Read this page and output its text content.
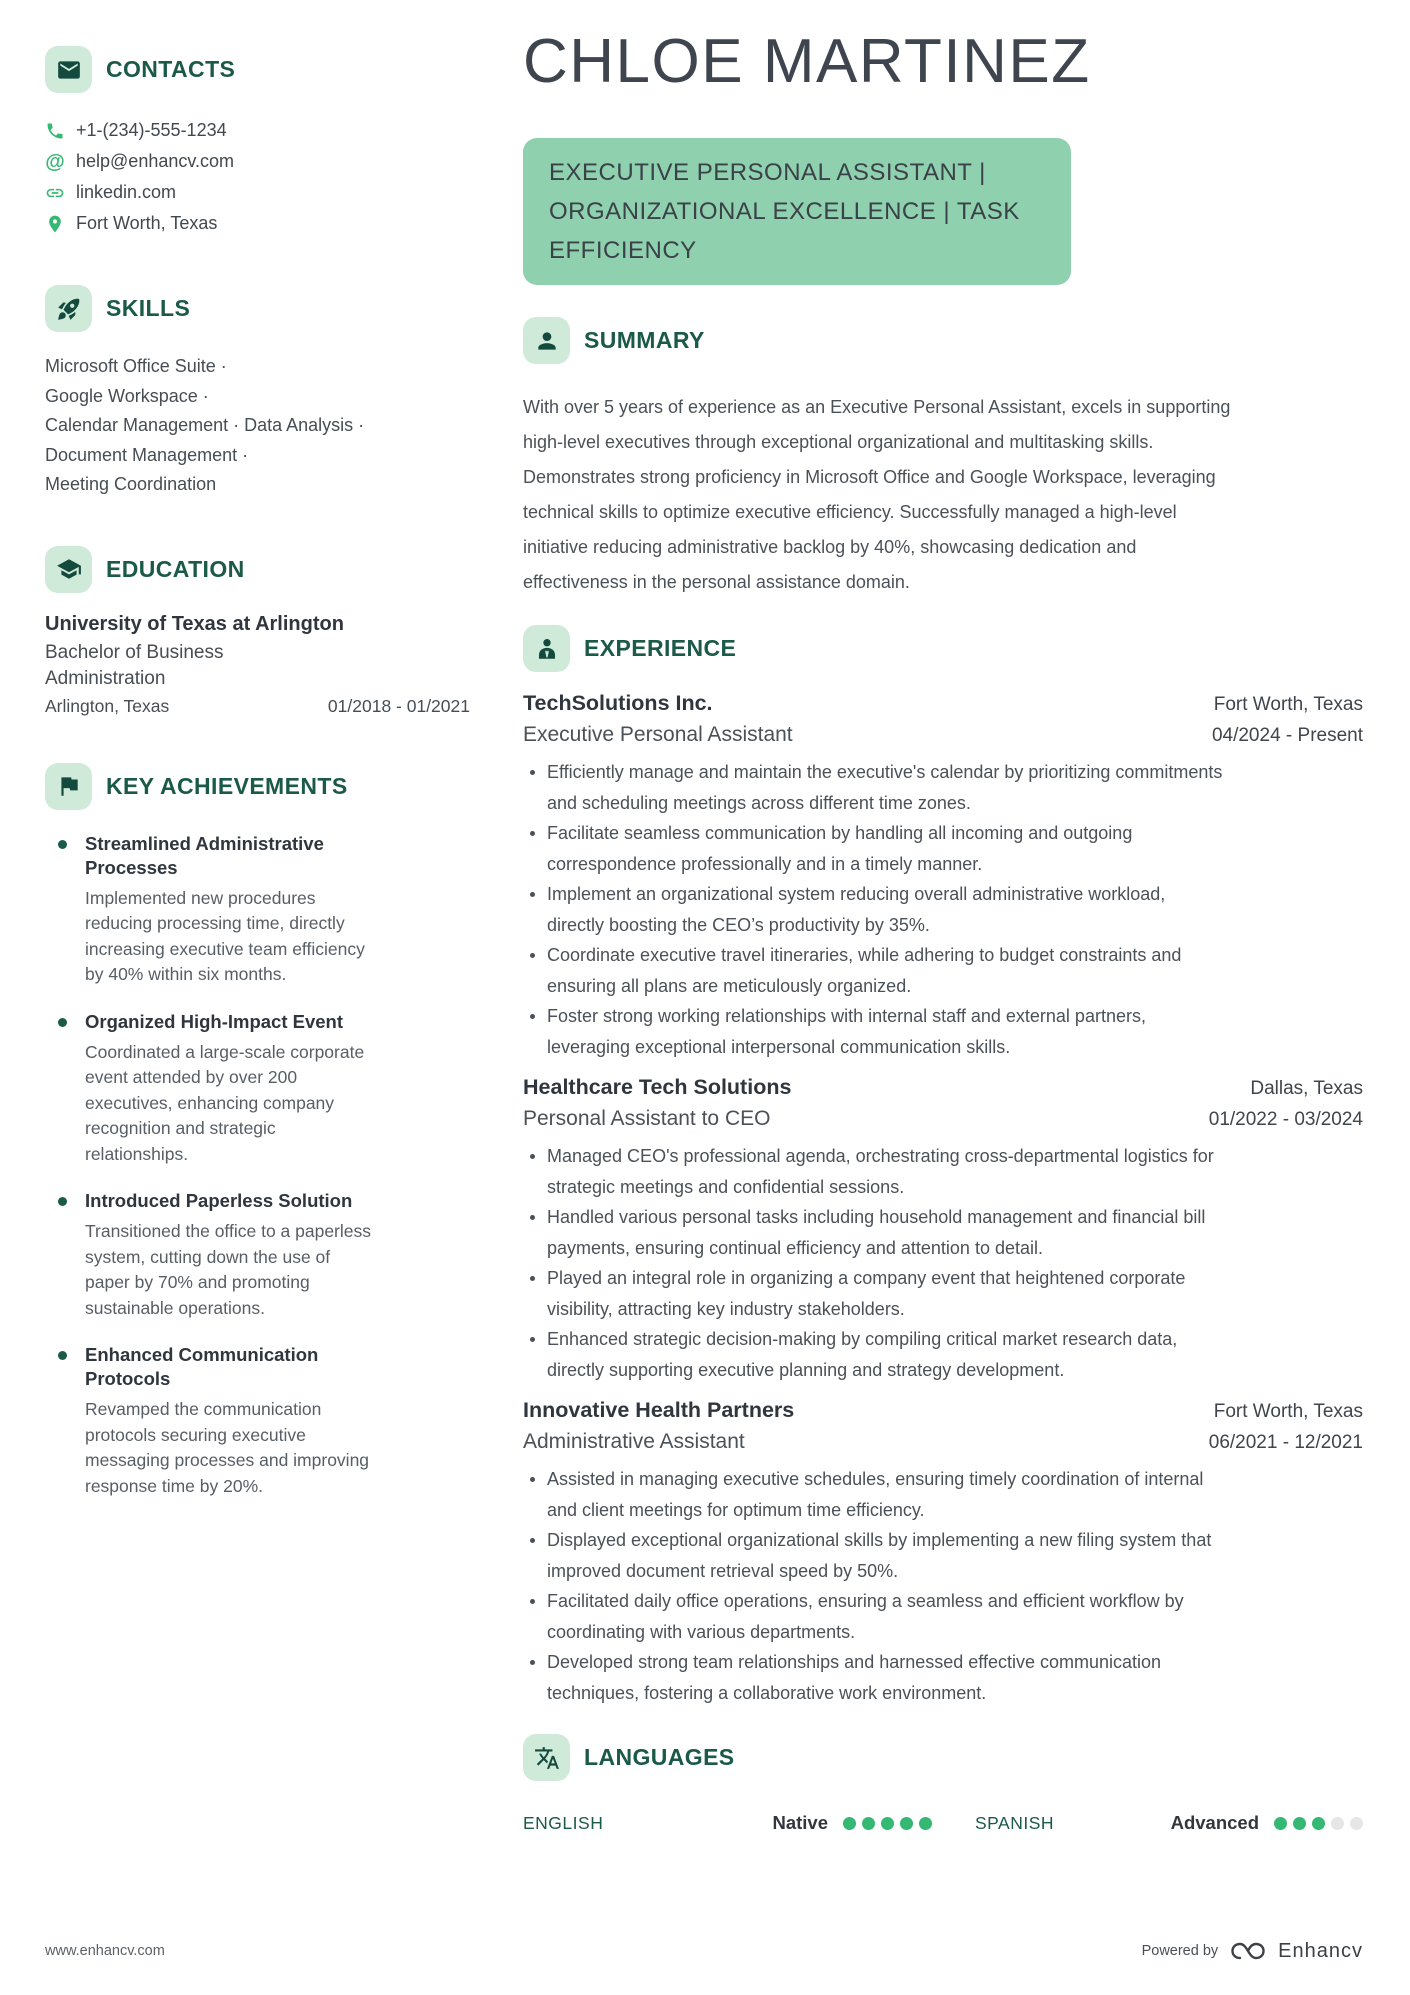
CONTACTS
+1-(234)-555-1234
@ help@enhancv.com
linkedin.com
Fort Worth, Texas
SKILLS
Microsoft Office Suite ·
Google Workspace ·
Calendar Management · Data Analysis ·
Document Management ·
Meeting Coordination
EDUCATION
University of Texas at Arlington
Bachelor of Business Administration
Arlington, Texas	01/2018 - 01/2021
KEY ACHIEVEMENTS
Streamlined Administrative Processes
Implemented new procedures reducing processing time, directly increasing executive team efficiency by 40% within six months.
Organized High-Impact Event
Coordinated a large-scale corporate event attended by over 200 executives, enhancing company recognition and strategic relationships.
Introduced Paperless Solution
Transitioned the office to a paperless system, cutting down the use of paper by 70% and promoting sustainable operations.
Enhanced Communication Protocols
Revamped the communication protocols securing executive messaging processes and improving response time by 20%.
CHLOE MARTINEZ
EXECUTIVE PERSONAL ASSISTANT | ORGANIZATIONAL EXCELLENCE | TASK EFFICIENCY
SUMMARY
With over 5 years of experience as an Executive Personal Assistant, excels in supporting high-level executives through exceptional organizational and multitasking skills. Demonstrates strong proficiency in Microsoft Office and Google Workspace, leveraging technical skills to optimize executive efficiency. Successfully managed a high-level initiative reducing administrative backlog by 40%, showcasing dedication and effectiveness in the personal assistance domain.
EXPERIENCE
TechSolutions Inc.	Fort Worth, Texas
Executive Personal Assistant	04/2024 - Present
Efficiently manage and maintain the executive's calendar by prioritizing commitments and scheduling meetings across different time zones.
Facilitate seamless communication by handling all incoming and outgoing correspondence professionally and in a timely manner.
Implement an organizational system reducing overall administrative workload, directly boosting the CEO’s productivity by 35%.
Coordinate executive travel itineraries, while adhering to budget constraints and ensuring all plans are meticulously organized.
Foster strong working relationships with internal staff and external partners, leveraging exceptional interpersonal communication skills.
Healthcare Tech Solutions	Dallas, Texas
Personal Assistant to CEO	01/2022 - 03/2024
Managed CEO's professional agenda, orchestrating cross-departmental logistics for strategic meetings and confidential sessions.
Handled various personal tasks including household management and financial bill payments, ensuring continual efficiency and attention to detail.
Played an integral role in organizing a company event that heightened corporate visibility, attracting key industry stakeholders.
Enhanced strategic decision-making by compiling critical market research data, directly supporting executive planning and strategy development.
Innovative Health Partners	Fort Worth, Texas
Administrative Assistant	06/2021 - 12/2021
Assisted in managing executive schedules, ensuring timely coordination of internal and client meetings for optimum time efficiency.
Displayed exceptional organizational skills by implementing a new filing system that improved document retrieval speed by 50%.
Facilitated daily office operations, ensuring a seamless and efficient workflow by coordinating with various departments.
Developed strong team relationships and harnessed effective communication techniques, fostering a collaborative work environment.
LANGUAGES
ENGLISH	Native	SPANISH	Advanced
www.enhancv.com	Powered by	Enhancv
